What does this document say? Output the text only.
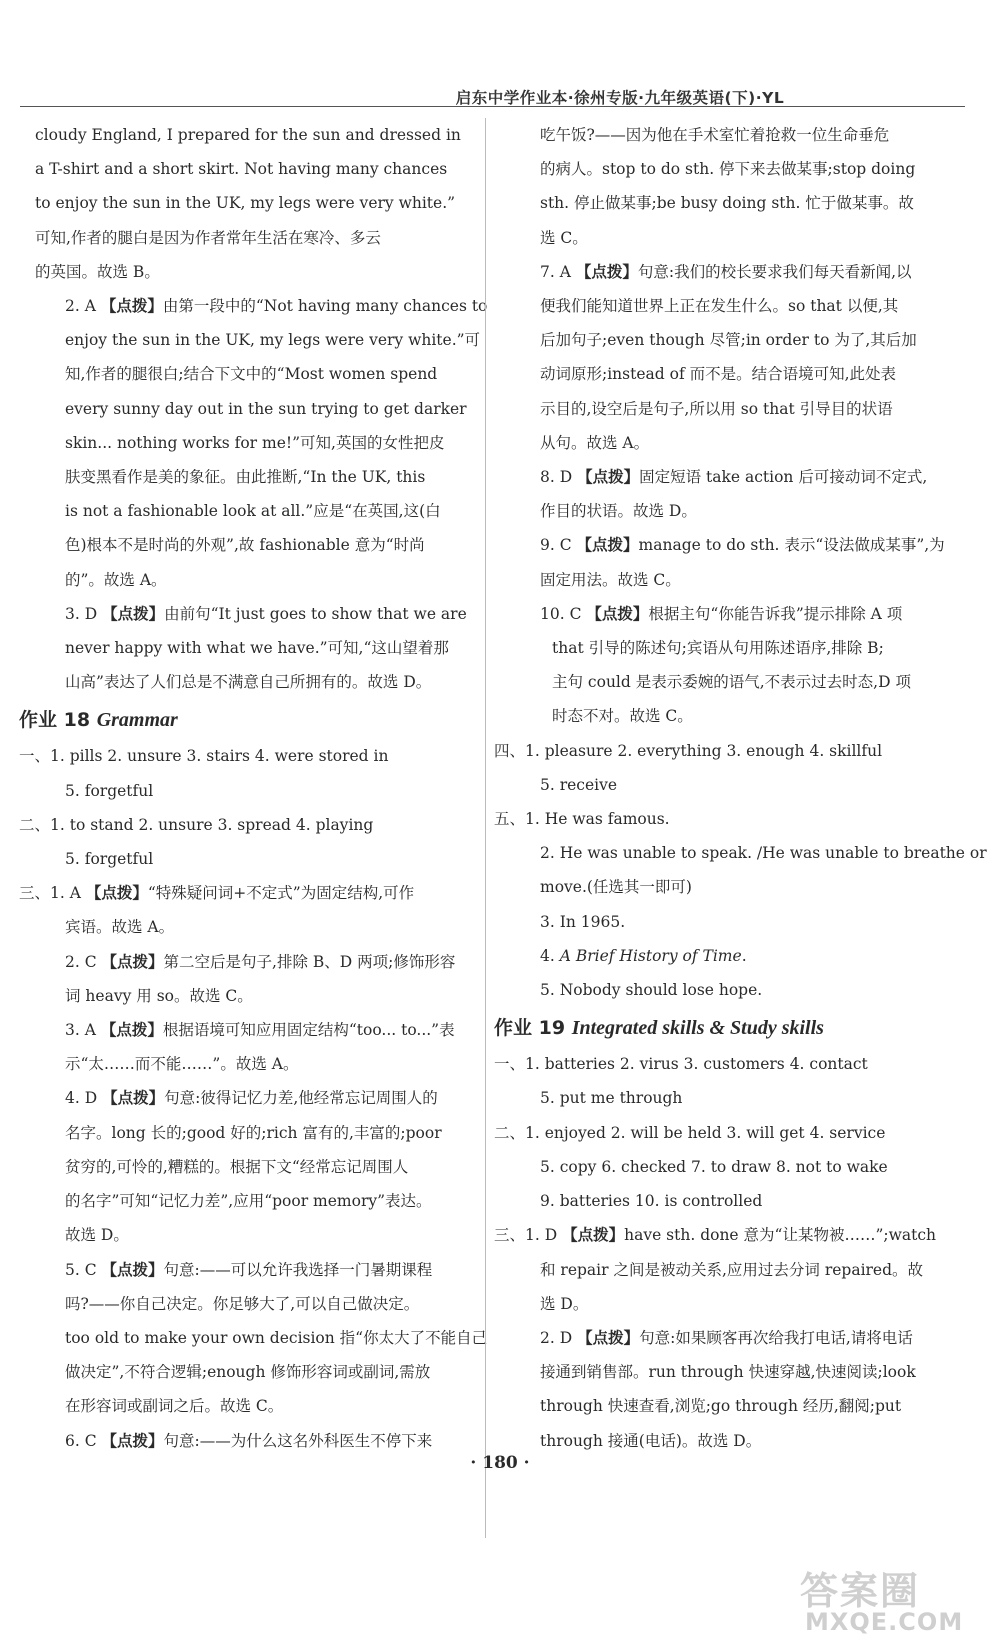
启东中学作业本·徐州专版·九年级英语(下)·YL
cloudy England, I prepared for the sun and dressed in
a T-shirt and a short skirt. Not having many chances
to enjoy the sun in the UK, my legs were very white.”
可知,作者的腿白是因为作者常年生活在寒冷、多云
的英国。故选 B。
2. A 【点拨】由第一段中的“Not having many chances to
enjoy the sun in the UK, my legs were very white.”可
知,作者的腿很白;结合下文中的“Most women spend
every sunny day out in the sun trying to get darker
skin... nothing works for me!”可知,英国的女性把皮
肤变黑看作是美的象征。由此推断,“In the UK, this
is not a fashionable look at all.”应是“在英国,这(白
色)根本不是时尚的外观”,故 fashionable 意为“时尚
的”。故选 A。
3. D 【点拨】由前句“It just goes to show that we are
never happy with what we have.”可知,“这山望着那
山高”表达了人们总是不满意自己所拥有的。故选 D。
作业 18 Grammar
一、1. pills 2. unsure 3. stairs 4. were stored in
5. forgetful
二、1. to stand 2. unsure 3. spread 4. playing
5. forgetful
三、1. A 【点拨】“特殊疑问词+不定式”为固定结构,可作
宾语。故选 A。
2. C 【点拨】第二空后是句子,排除 B、D 两项;修饰形容
词 heavy 用 so。故选 C。
3. A 【点拨】根据语境可知应用固定结构“too... to...”表
示“太……而不能……”。故选 A。
4. D 【点拨】句意:彼得记忆力差,他经常忘记周围人的
名字。long 长的;good 好的;rich 富有的,丰富的;poor
贫穷的,可怜的,糟糕的。根据下文“经常忘记周围人
的名字”可知“记忆力差”,应用“poor memory”表达。
故选 D。
5. C 【点拨】句意:——可以允许我选择一门暑期课程
吗?——你自己决定。你足够大了,可以自己做决定。
too old to make your own decision 指“你太大了不能自己
做决定”,不符合逻辑;enough 修饰形容词或副词,需放
在形容词或副词之后。故选 C。
6. C 【点拨】句意:——为什么这名外科医生不停下来
吃午饭?——因为他在手术室忙着抢救一位生命垂危
的病人。stop to do sth. 停下来去做某事;stop doing
sth. 停止做某事;be busy doing sth. 忙于做某事。故
选 C。
7. A 【点拨】句意:我们的校长要求我们每天看新闻,以
便我们能知道世界上正在发生什么。so that 以便,其
后加句子;even though 尽管;in order to 为了,其后加
动词原形;instead of 而不是。结合语境可知,此处表
示目的,设空后是句子,所以用 so that 引导目的状语
从句。故选 A。
8. D 【点拨】固定短语 take action 后可接动词不定式,
作目的状语。故选 D。
9. C 【点拨】manage to do sth. 表示“设法做成某事”,为
固定用法。故选 C。
10. C 【点拨】根据主句“你能告诉我”提示排除 A 项
that 引导的陈述句;宾语从句用陈述语序,排除 B;
主句 could 是表示委婉的语气,不表示过去时态,D 项
时态不对。故选 C。
四、1. pleasure 2. everything 3. enough 4. skillful
5. receive
五、1. He was famous.
2. He was unable to speak. /He was unable to breathe or
move.(任选其一即可)
3. In 1965.
4. A Brief History of Time.
5. Nobody should lose hope.
作业 19 Integrated skills & Study skills
一、1. batteries 2. virus 3. customers 4. contact
5. put me through
二、1. enjoyed 2. will be held 3. will get 4. service
5. copy 6. checked 7. to draw 8. not to wake
9. batteries 10. is controlled
三、1. D 【点拨】have sth. done 意为“让某物被……”;watch
和 repair 之间是被动关系,应用过去分词 repaired。故
选 D。
2. D 【点拨】句意:如果顾客再次给我打电话,请将电话
接通到销售部。run through 快速穿越,快速阅读;look
through 快速查看,浏览;go through 经历,翻阅;put
through 接通(电话)。故选 D。
· 180 ·
答案圈
MXQE.COM
